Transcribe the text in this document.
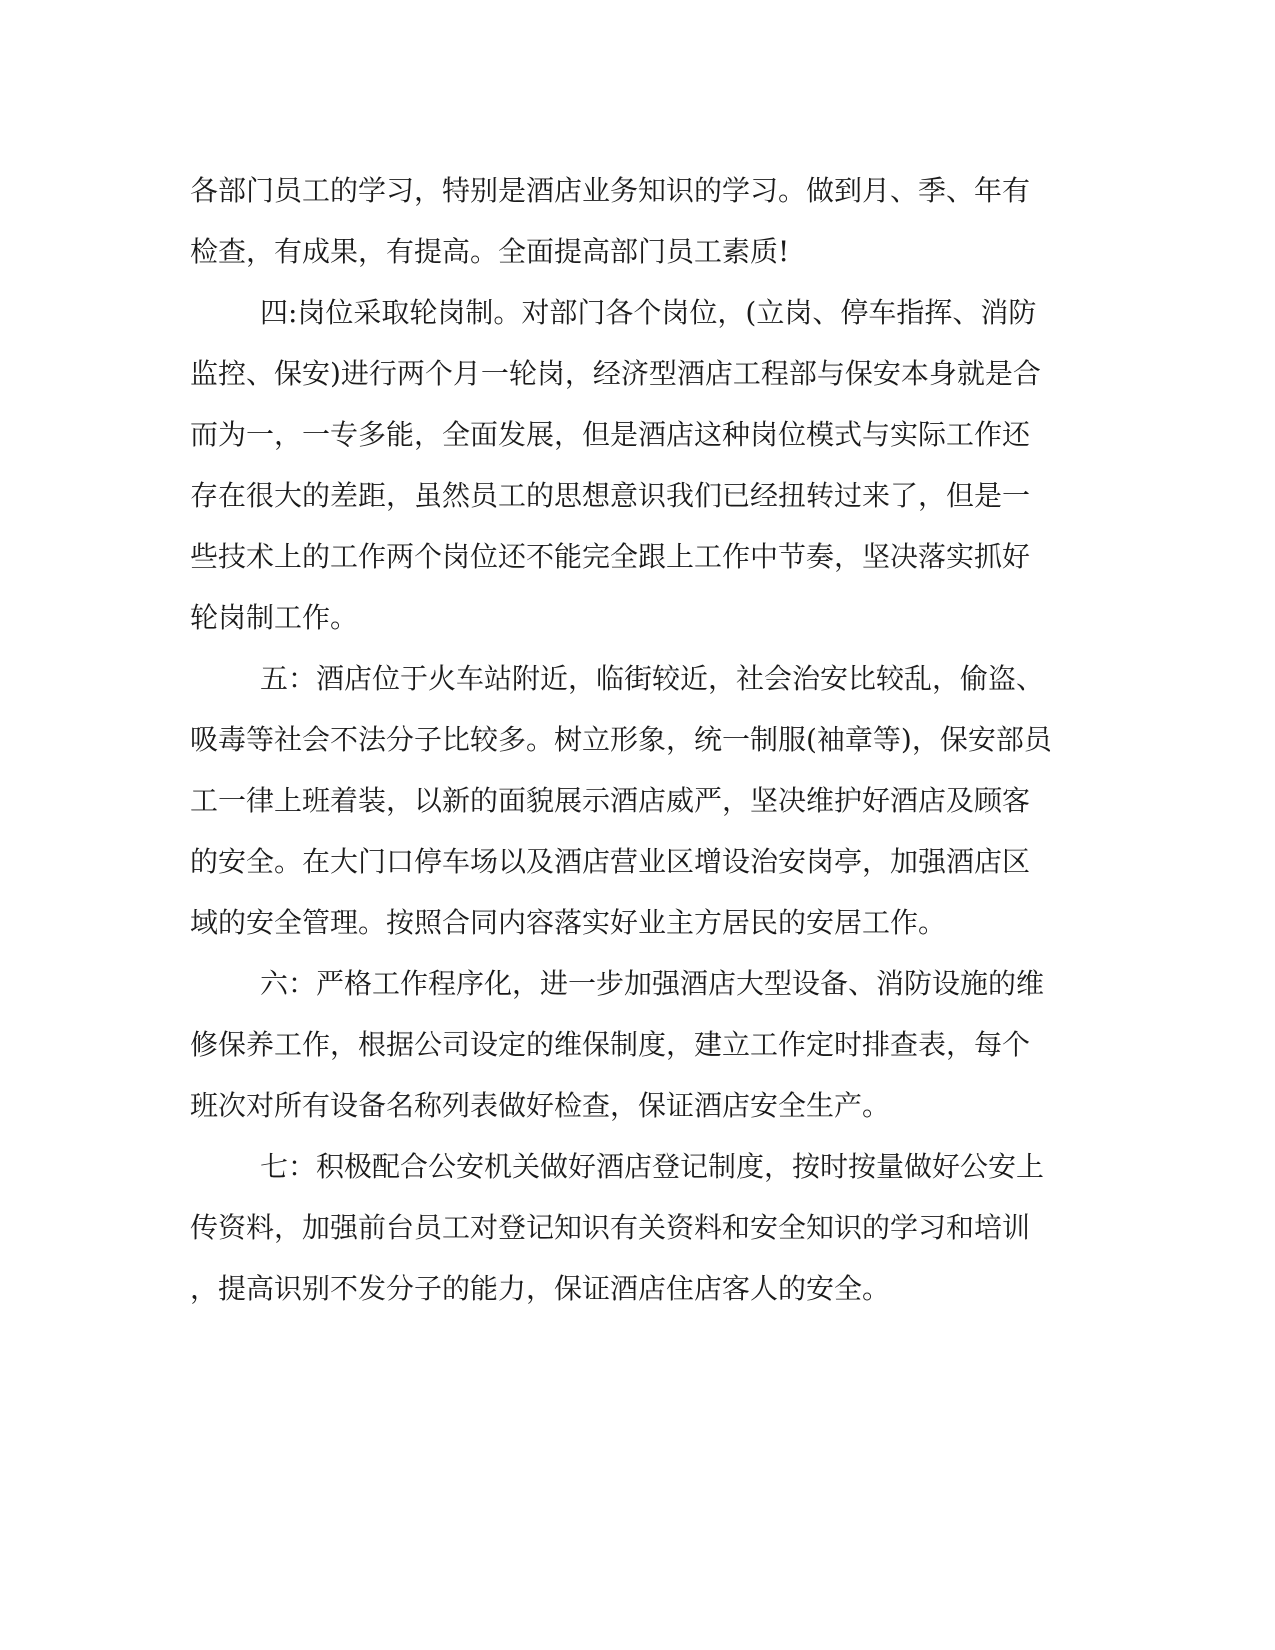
各部门员工的学习，特别是酒店业务知识的学习。做到月、季、年有
检查，有成果，有提高。全面提高部门员工素质!
四:岗位采取轮岗制。对部门各个岗位，(立岗、停车指挥、消防
监控、保安)进行两个月一轮岗，经济型酒店工程部与保安本身就是合
而为一，一专多能，全面发展，但是酒店这种岗位模式与实际工作还
存在很大的差距，虽然员工的思想意识我们已经扭转过来了，但是一
些技术上的工作两个岗位还不能完全跟上工作中节奏，坚决落实抓好
轮岗制工作。
五：酒店位于火车站附近，临街较近，社会治安比较乱，偷盗、
吸毒等社会不法分子比较多。树立形象，统一制服(袖章等)，保安部员
工一律上班着装，以新的面貌展示酒店威严，坚决维护好酒店及顾客
的安全。在大门口停车场以及酒店营业区增设治安岗亭，加强酒店区
域的安全管理。按照合同内容落实好业主方居民的安居工作。
六：严格工作程序化，进一步加强酒店大型设备、消防设施的维
修保养工作，根据公司设定的维保制度，建立工作定时排查表，每个
班次对所有设备名称列表做好检查，保证酒店安全生产。
七：积极配合公安机关做好酒店登记制度，按时按量做好公安上
传资料，加强前台员工对登记知识有关资料和安全知识的学习和培训
，提高识别不发分子的能力，保证酒店住店客人的安全。
